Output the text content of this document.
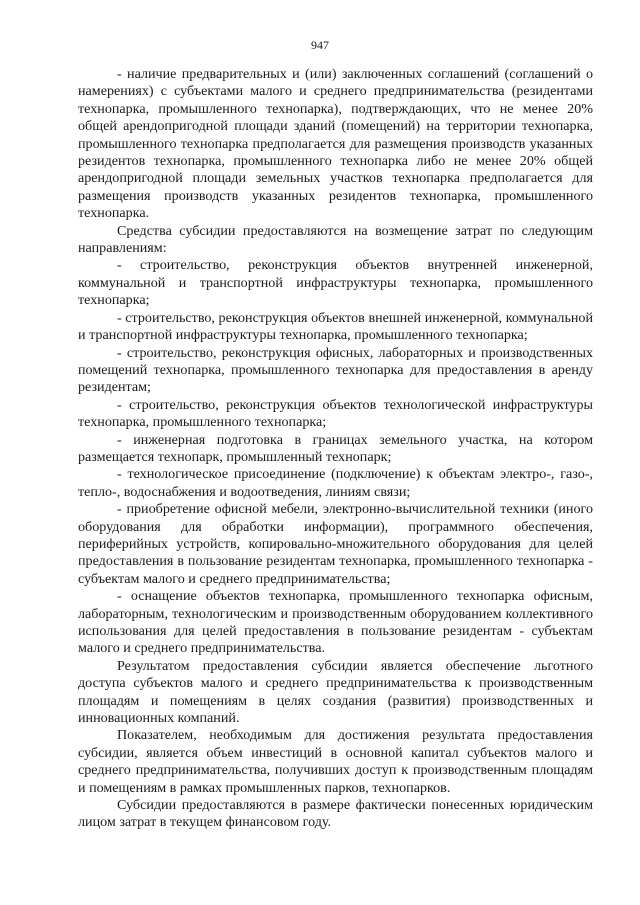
947

- наличие предварительных и (или) заключенных соглашений (соглашений о намерениях) с субъектами малого и среднего предпринимательства (резидентами технопарка, промышленного технопарка), подтверждающих, что не менее 20% общей арендопригодной площади зданий (помещений) на территории технопарка, промышленного технопарка предполагается для размещения производств указанных резидентов технопарка, промышленного технопарка либо не менее 20% общей арендопригодной площади земельных участков технопарка предполагается для размещения производств указанных резидентов технопарка, промышленного технопарка.

Средства субсидии предоставляются на возмещение затрат по следующим направлениям:

- строительство, реконструкция объектов внутренней инженерной, коммунальной и транспортной инфраструктуры технопарка, промышленного технопарка;

- строительство, реконструкция объектов внешней инженерной, коммунальной и транспортной инфраструктуры технопарка, промышленного технопарка;

- строительство, реконструкция офисных, лабораторных и производственных помещений технопарка, промышленного технопарка для предоставления в аренду резидентам;

- строительство, реконструкция объектов технологической инфраструктуры технопарка, промышленного технопарка;

- инженерная подготовка в границах земельного участка, на котором размещается технопарк, промышленный технопарк;

- технологическое присоединение (подключение) к объектам электро-, газо-, тепло-, водоснабжения и водоотведения, линиям связи;

- приобретение офисной мебели, электронно-вычислительной техники (иного оборудования для обработки информации), программного обеспечения, периферийных устройств, копировально-множительного оборудования для целей предоставления в пользование резидентам технопарка, промышленного технопарка - субъектам малого и среднего предпринимательства;

- оснащение объектов технопарка, промышленного технопарка офисным, лабораторным, технологическим и производственным оборудованием коллективного использования для целей предоставления в пользование резидентам - субъектам малого и среднего предпринимательства.

Результатом предоставления субсидии является обеспечение льготного доступа субъектов малого и среднего предпринимательства к производственным площадям и помещениям в целях создания (развития) производственных и инновационных компаний.

Показателем, необходимым для достижения результата предоставления субсидии, является объем инвестиций в основной капитал субъектов малого и среднего предпринимательства, получивших доступ к производственным площадям и помещениям в рамках промышленных парков, технопарков.

Субсидии предоставляются в размере фактически понесенных юридическим лицом затрат в текущем финансовом году.
